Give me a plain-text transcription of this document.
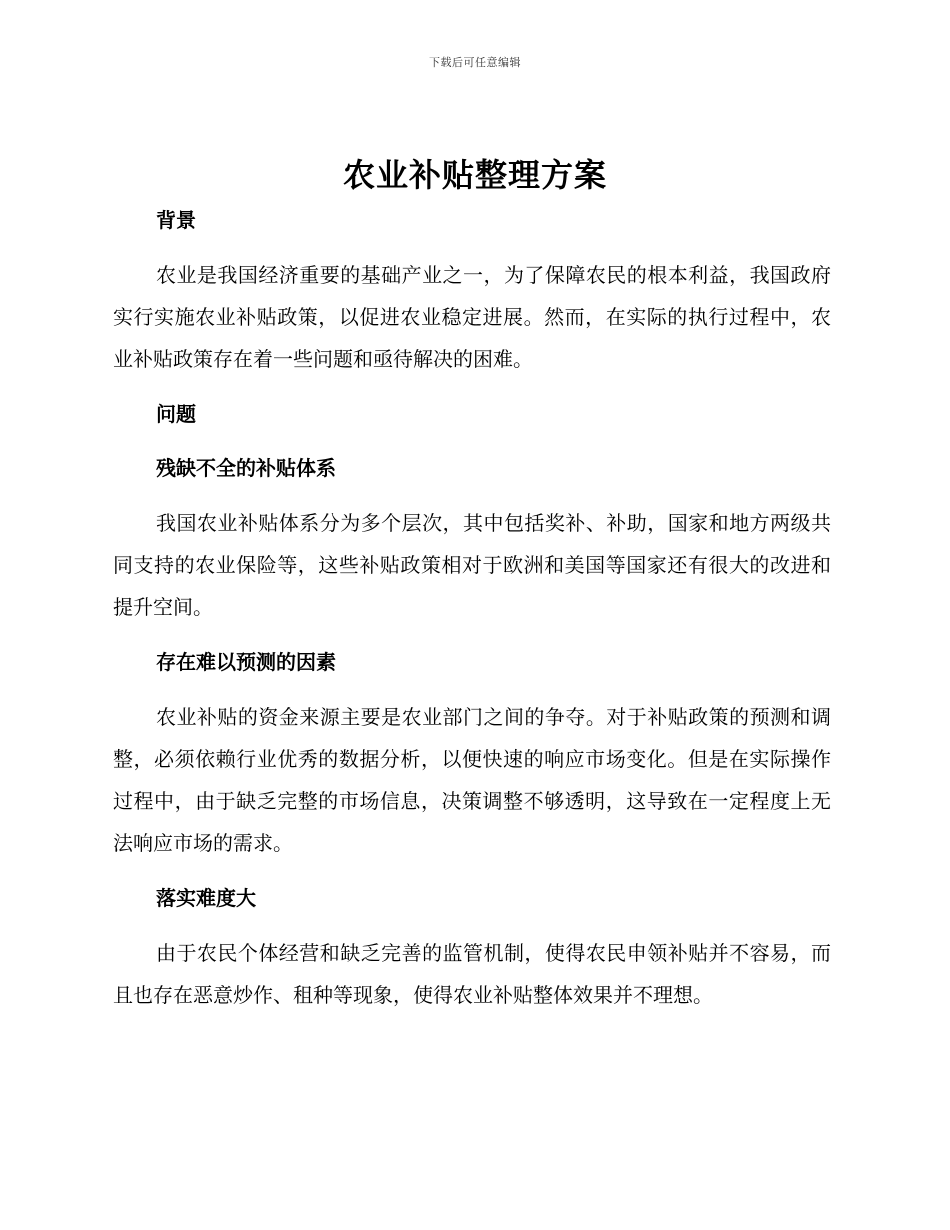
下载后可任意编辑
农业补贴整理方案
背景

农业是我国经济重要的基础产业之一，为了保障农民的根本利益，我国政府实行实施农业补贴政策，以促进农业稳定进展。然而，在实际的执行过程中，农业补贴政策存在着一些问题和亟待解决的困难。

问题
残缺不全的补贴体系

我国农业补贴体系分为多个层次，其中包括奖补、补助，国家和地方两级共同支持的农业保险等，这些补贴政策相对于欧洲和美国等国家还有很大的改进和提升空间。

存在难以预测的因素

农业补贴的资金来源主要是农业部门之间的争夺。对于补贴政策的预测和调整，必须依赖行业优秀的数据分析，以便快速的响应市场变化。但是在实际操作过程中，由于缺乏完整的市场信息，决策调整不够透明，这导致在一定程度上无法响应市场的需求。

落实难度大

由于农民个体经营和缺乏完善的监管机制，使得农民申领补贴并不容易，而且也存在恶意炒作、租种等现象，使得农业补贴整体效果并不理想。
